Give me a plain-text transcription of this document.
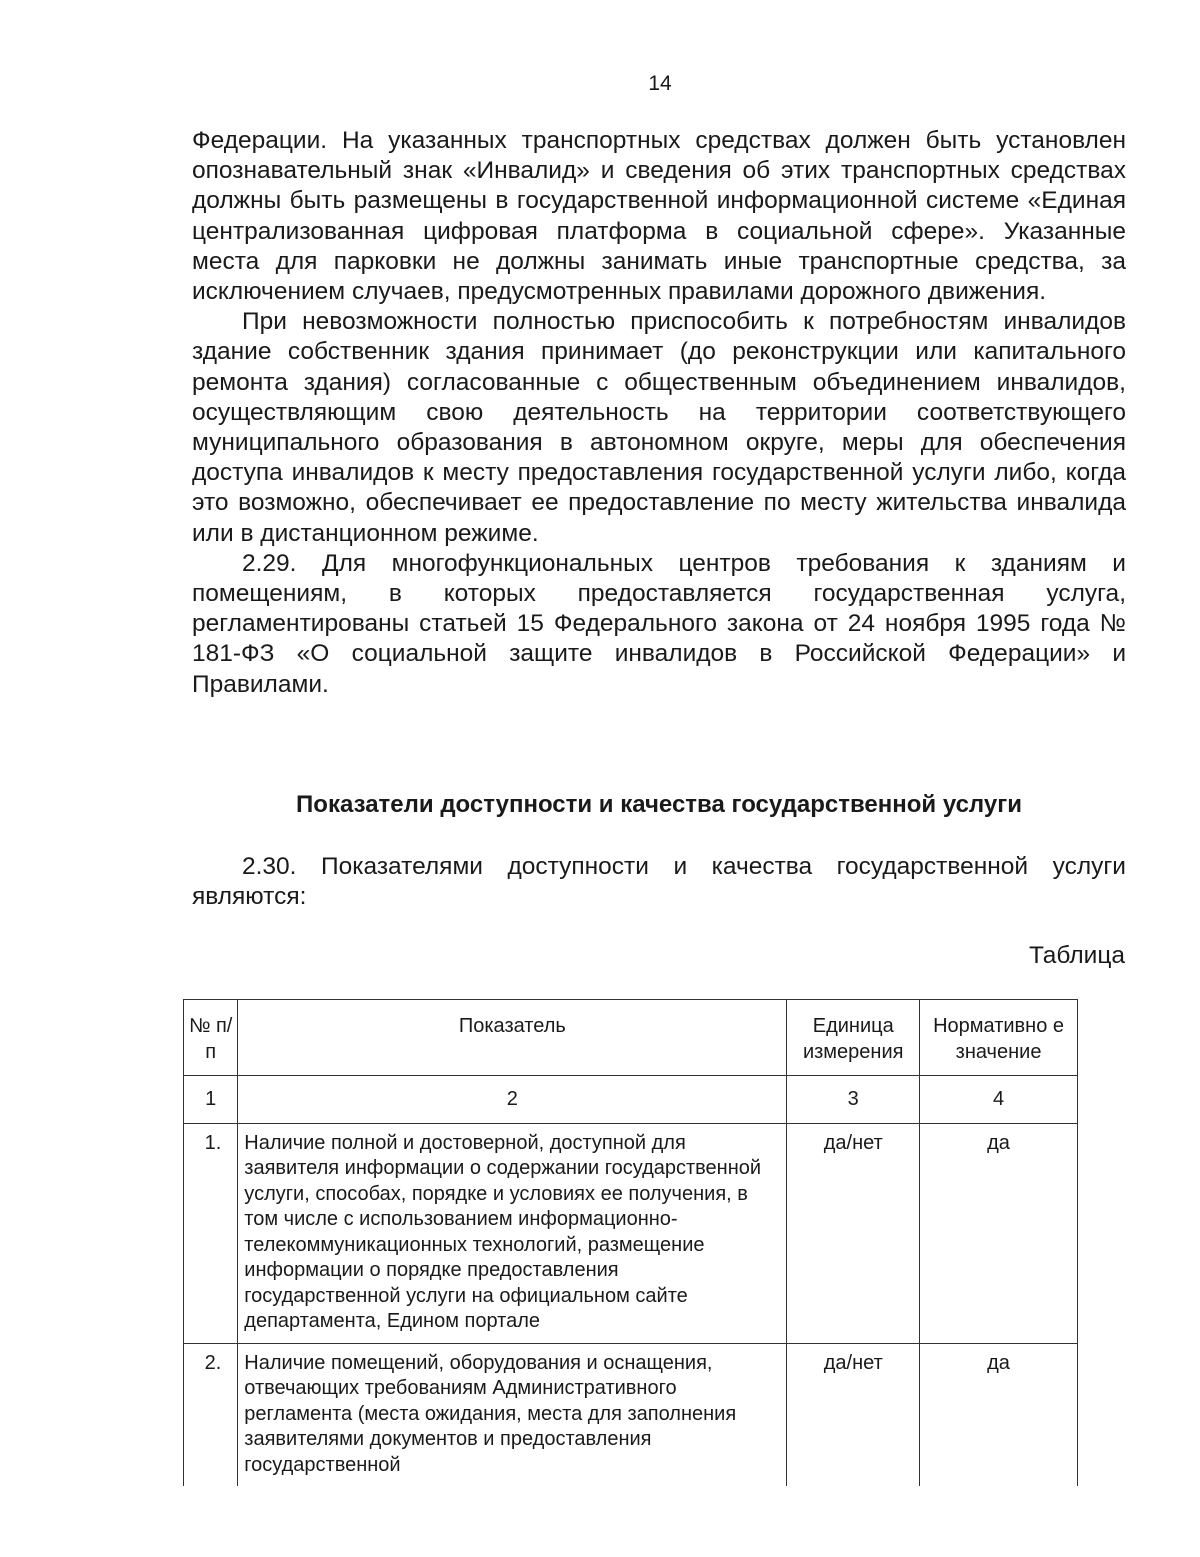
14

Федерации. На указанных транспортных средствах должен быть установлен опознавательный знак «Инвалид» и сведения об этих транспортных средствах должны быть размещены в государственной информационной системе «Единая централизованная цифровая платформа в социальной сфере». Указанные места для парковки не должны занимать иные транспортные средства, за исключением случаев, предусмотренных правилами дорожного движения.

При невозможности полностью приспособить к потребностям инвалидов здание собственник здания принимает (до реконструкции или капитального ремонта здания) согласованные с общественным объединением инвалидов, осуществляющим свою деятельность на территории соответствующего муниципального образования в автономном округе, меры для обеспечения доступа инвалидов к месту предоставления государственной услуги либо, когда это возможно, обеспечивает ее предоставление по месту жительства инвалида или в дистанционном режиме.

2.29. Для многофункциональных центров требования к зданиям и помещениям, в которых предоставляется государственная услуга, регламентированы статьей 15 Федерального закона от 24 ноября 1995 года № 181-ФЗ «О социальной защите инвалидов в Российской Федерации» и Правилами.

Показатели доступности и качества государственной услуги

2.30. Показателями доступности и качества государственной услуги являются:

Таблица
№ п/п	Показатель	Единица измерения	Нормативно е значение
1	2	3	4
1.	Наличие полной и достоверной, доступной для заявителя информации о содержании государственной услуги, способах, порядке и условиях ее получения, в том числе с использованием информационно-телекоммуникационных технологий, размещение информации о порядке предоставления государственной услуги на официальном сайте департамента, Едином портале	да/нет	да
2.	Наличие помещений, оборудования и оснащения, отвечающих требованиям Административного регламента (места ожидания, места для заполнения заявителями документов и предоставления государственной	да/нет	да
